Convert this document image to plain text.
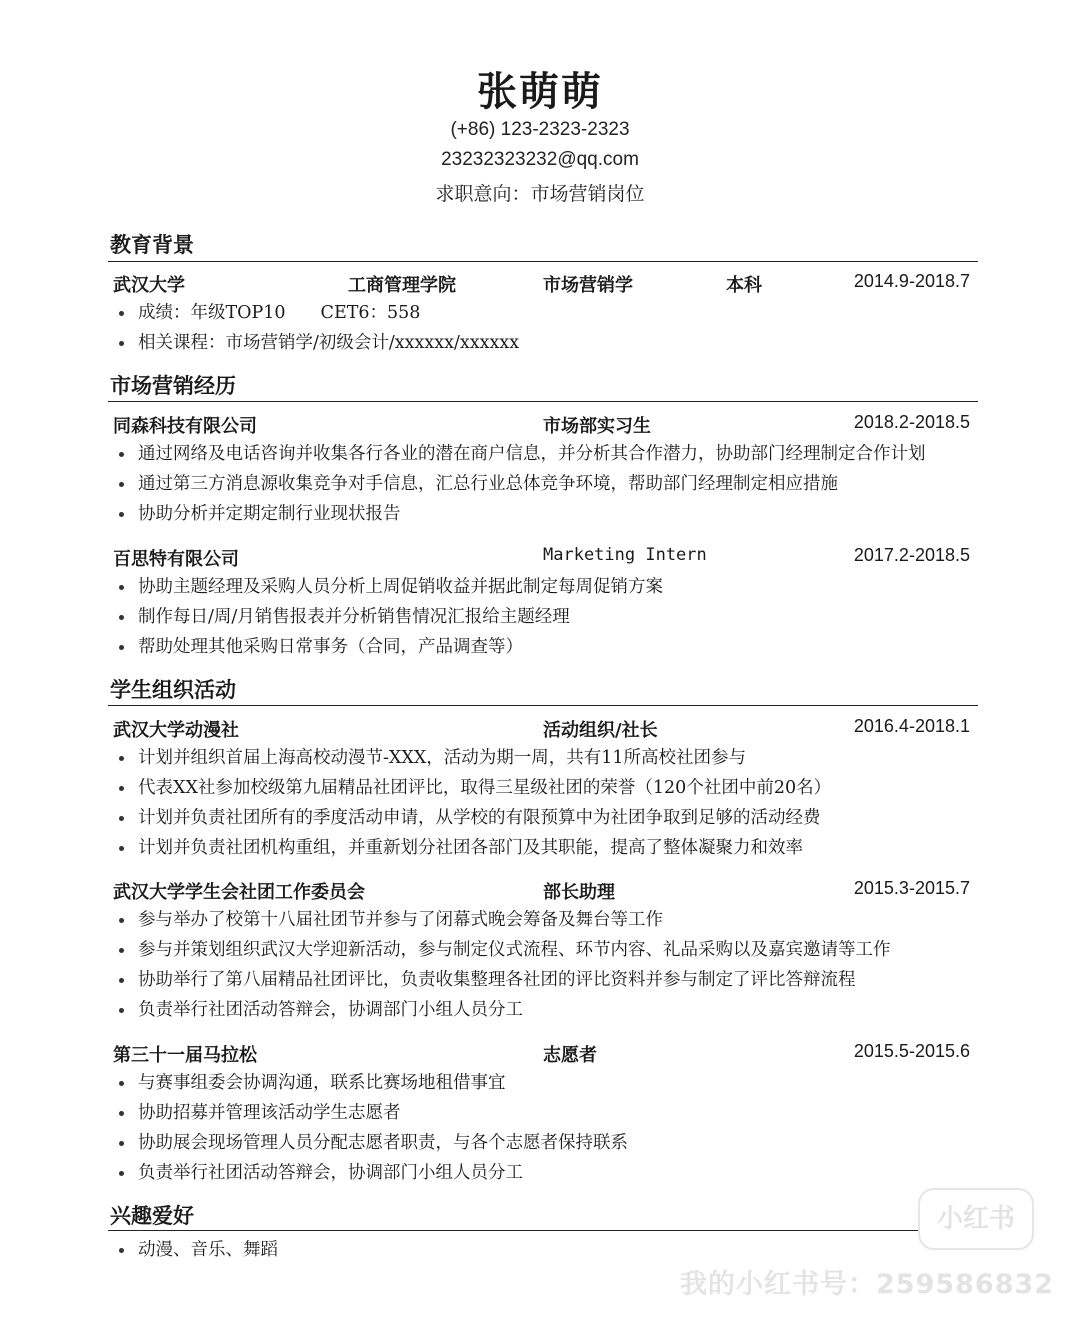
张萌萌
(+86) 123-2323-2323
23232323232@qq.com
求职意向：市场营销岗位
教育背景
武汉大学	工商管理学院	市场营销学	本科	2014.9-2018.7
成绩：年级TOP10　　CET6：558
相关课程：市场营销学/初级会计/xxxxxx/xxxxxx
市场营销经历
同森科技有限公司	市场部实习生	2018.2-2018.5
通过网络及电话咨询并收集各行各业的潜在商户信息，并分析其合作潜力，协助部门经理制定合作计划
通过第三方消息源收集竞争对手信息，汇总行业总体竞争环境，帮助部门经理制定相应措施
协助分析并定期定制行业现状报告
百思特有限公司	Marketing Intern	2017.2-2018.5
协助主题经理及采购人员分析上周促销收益并据此制定每周促销方案
制作每日/周/月销售报表并分析销售情况汇报给主题经理
帮助处理其他采购日常事务（合同，产品调查等）
学生组织活动
武汉大学动漫社	活动组织/社长	2016.4-2018.1
计划并组织首届上海高校动漫节-XXX，活动为期一周，共有11所高校社团参与
代表XX社参加校级第九届精品社团评比，取得三星级社团的荣誉（120个社团中前20名）
计划并负责社团所有的季度活动申请，从学校的有限预算中为社团争取到足够的活动经费
计划并负责社团机构重组，并重新划分社团各部门及其职能，提高了整体凝聚力和效率
武汉大学学生会社团工作委员会	部长助理	2015.3-2015.7
参与举办了校第十八届社团节并参与了闭幕式晚会筹备及舞台等工作
参与并策划组织武汉大学迎新活动，参与制定仪式流程、环节内容、礼品采购以及嘉宾邀请等工作
协助举行了第八届精品社团评比，负责收集整理各社团的评比资料并参与制定了评比答辩流程
负责举行社团活动答辩会，协调部门小组人员分工
第三十一届马拉松	志愿者	2015.5-2015.6
与赛事组委会协调沟通，联系比赛场地租借事宜
协助招募并管理该活动学生志愿者
协助展会现场管理人员分配志愿者职责，与各个志愿者保持联系
负责举行社团活动答辩会，协调部门小组人员分工
兴趣爱好
动漫、音乐、舞蹈
小红书
我的小红书号：259586832
